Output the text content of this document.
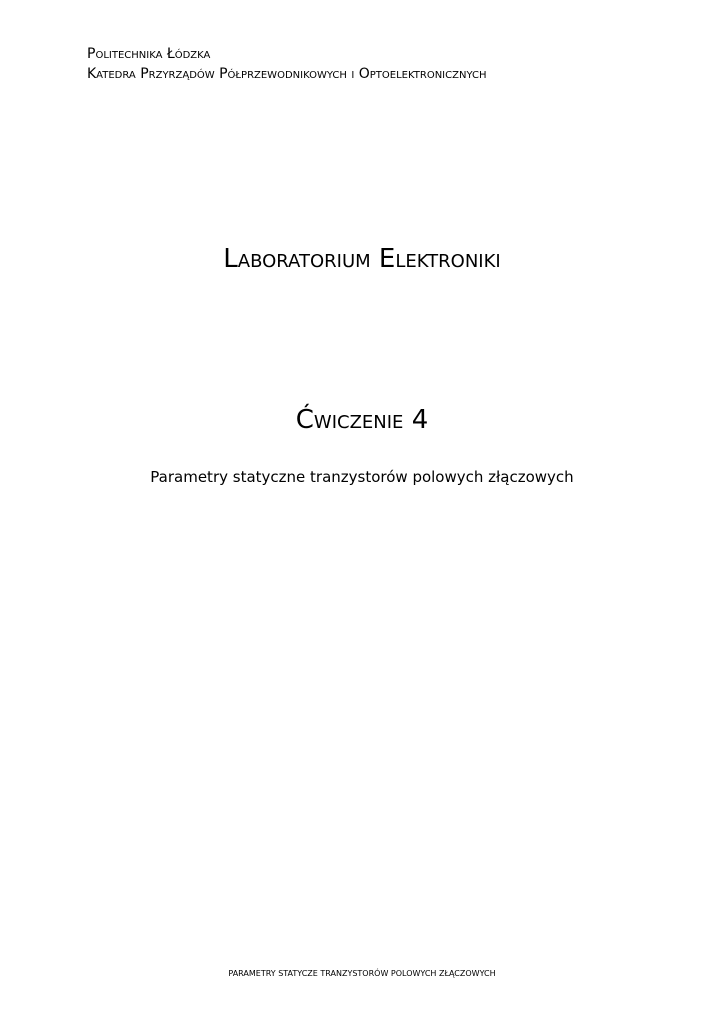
Politechnika Łódzka
Katedra Przyrządów Półprzewodnikowych i Optoelektronicznych
Laboratorium Elektroniki
Ćwiczenie 4
Parametry statyczne tranzystorów polowych złączowych
PARAMETRY STATYCZE TRANZYSTORÓW POLOWYCH ZŁĄCZOWYCH
